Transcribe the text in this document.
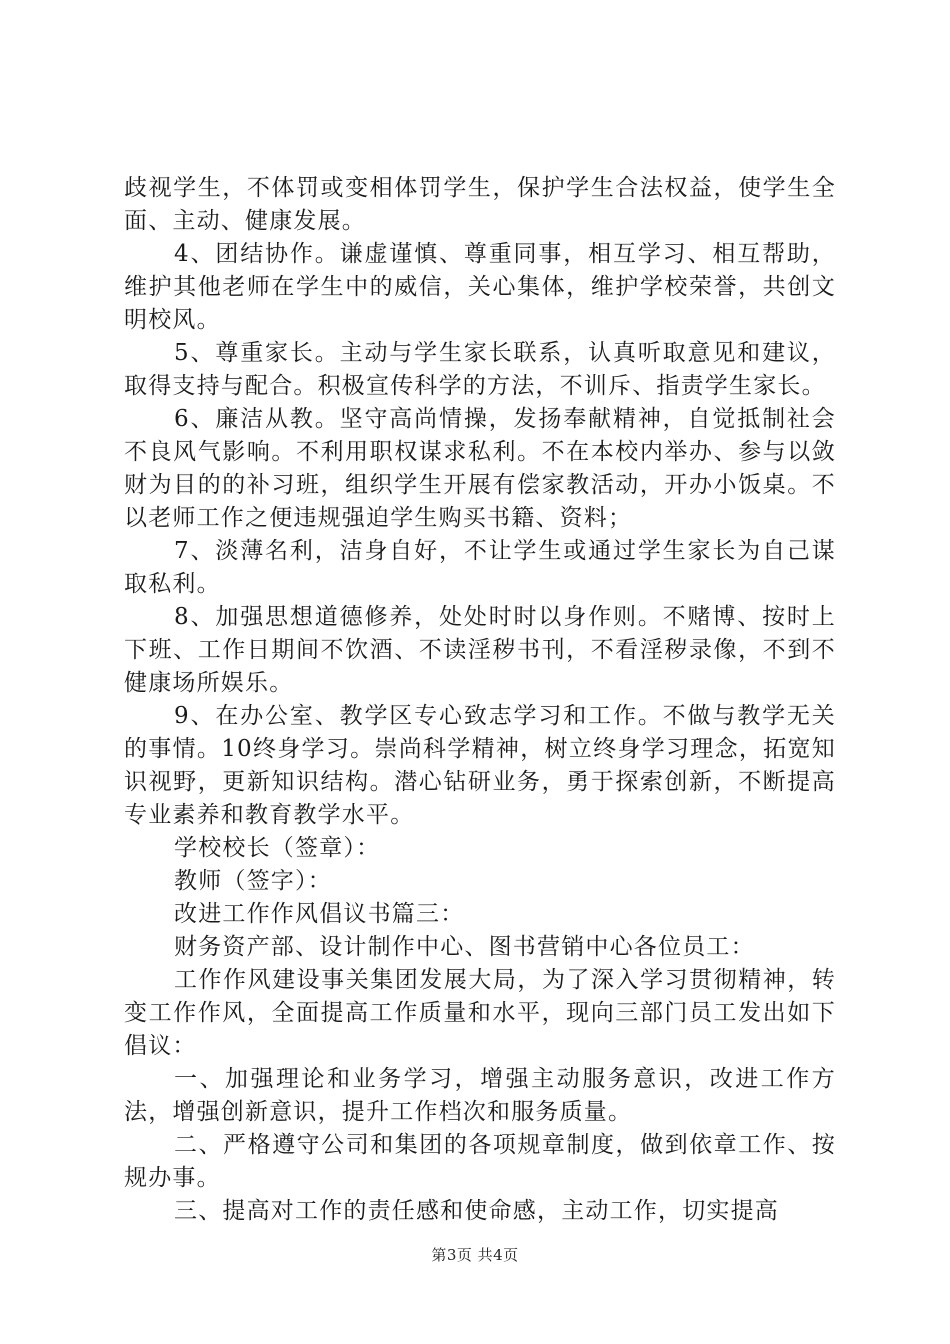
歧视学生，不体罚或变相体罚学生，保护学生合法权益，使学生全面、主动、健康发展。

4、团结协作。谦虚谨慎、尊重同事，相互学习、相互帮助，维护其他老师在学生中的威信，关心集体，维护学校荣誉，共创文明校风。

5、尊重家长。主动与学生家长联系，认真听取意见和建议，取得支持与配合。积极宣传科学的方法，不训斥、指责学生家长。

6、廉洁从教。坚守高尚情操，发扬奉献精神，自觉抵制社会不良风气影响。不利用职权谋求私利。不在本校内举办、参与以敛财为目的的补习班，组织学生开展有偿家教活动，开办小饭桌。不以老师工作之便违规强迫学生购买书籍、资料；

7、淡薄名利，洁身自好，不让学生或通过学生家长为自己谋取私利。

8、加强思想道德修养，处处时时以身作则。不赌博、按时上下班、工作日期间不饮酒、不读淫秽书刊，不看淫秽录像，不到不健康场所娱乐。

9、在办公室、教学区专心致志学习和工作。不做与教学无关的事情。10终身学习。崇尚科学精神，树立终身学习理念，拓宽知识视野，更新知识结构。潜心钻研业务，勇于探索创新，不断提高专业素养和教育教学水平。

学校校长（签章）：

教师（签字）：

改进工作作风倡议书篇三：

财务资产部、设计制作中心、图书营销中心各位员工：

工作作风建设事关集团发展大局，为了深入学习贯彻精神，转变工作作风，全面提高工作质量和水平，现向三部门员工发出如下倡议：

一、加强理论和业务学习，增强主动服务意识，改进工作方法，增强创新意识，提升工作档次和服务质量。

二、严格遵守公司和集团的各项规章制度，做到依章工作、按规办事。

三、提高对工作的责任感和使命感，主动工作，切实提高

第3页 共4页
